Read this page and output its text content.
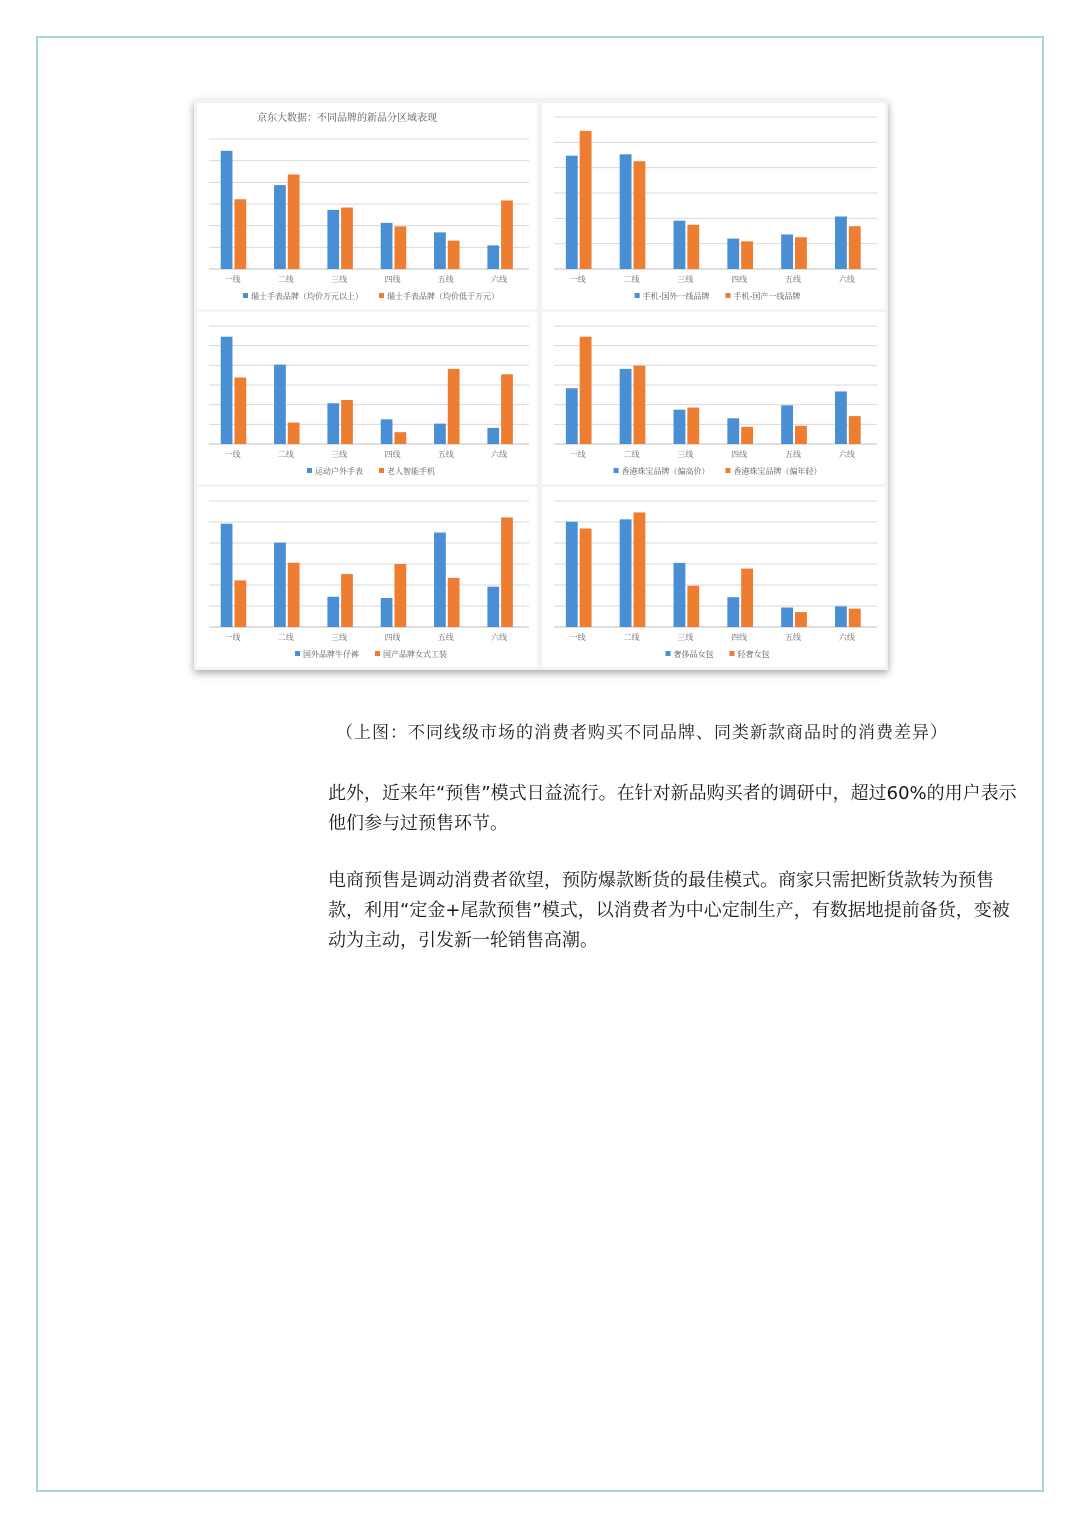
京东大数据：不同品牌的新品分区域表现
一线	二线	三线	四线	五线	六线
瑞士手表品牌（均价万元以上）	瑞士手表品牌（均价低于万元）
一线	二线	三线	四线	五线	六线
手机-国外一线品牌	手机-国产一线品牌
一线	二线	三线	四线	五线	六线
运动户外手表	老人智能手机
一线	二线	三线	四线	五线	六线
香港珠宝品牌（偏高价）	香港珠宝品牌（偏年轻）
一线	二线	三线	四线	五线	六线
国外品牌牛仔裤	国产品牌女式工装
一线	二线	三线	四线	五线	六线
奢侈品女包	轻奢女包
（上图：不同线级市场的消费者购买不同品牌、同类新款商品时的消费差异）

此外，近来年“预售”模式日益流行。在针对新品购买者的调研中，超过60%的用户表示他们参与过预售环节。

电商预售是调动消费者欲望，预防爆款断货的最佳模式。商家只需把断货款转为预售款，利用“定金+尾款预售”模式，以消费者为中心定制生产，有数据地提前备货，变被动为主动，引发新一轮销售高潮。
